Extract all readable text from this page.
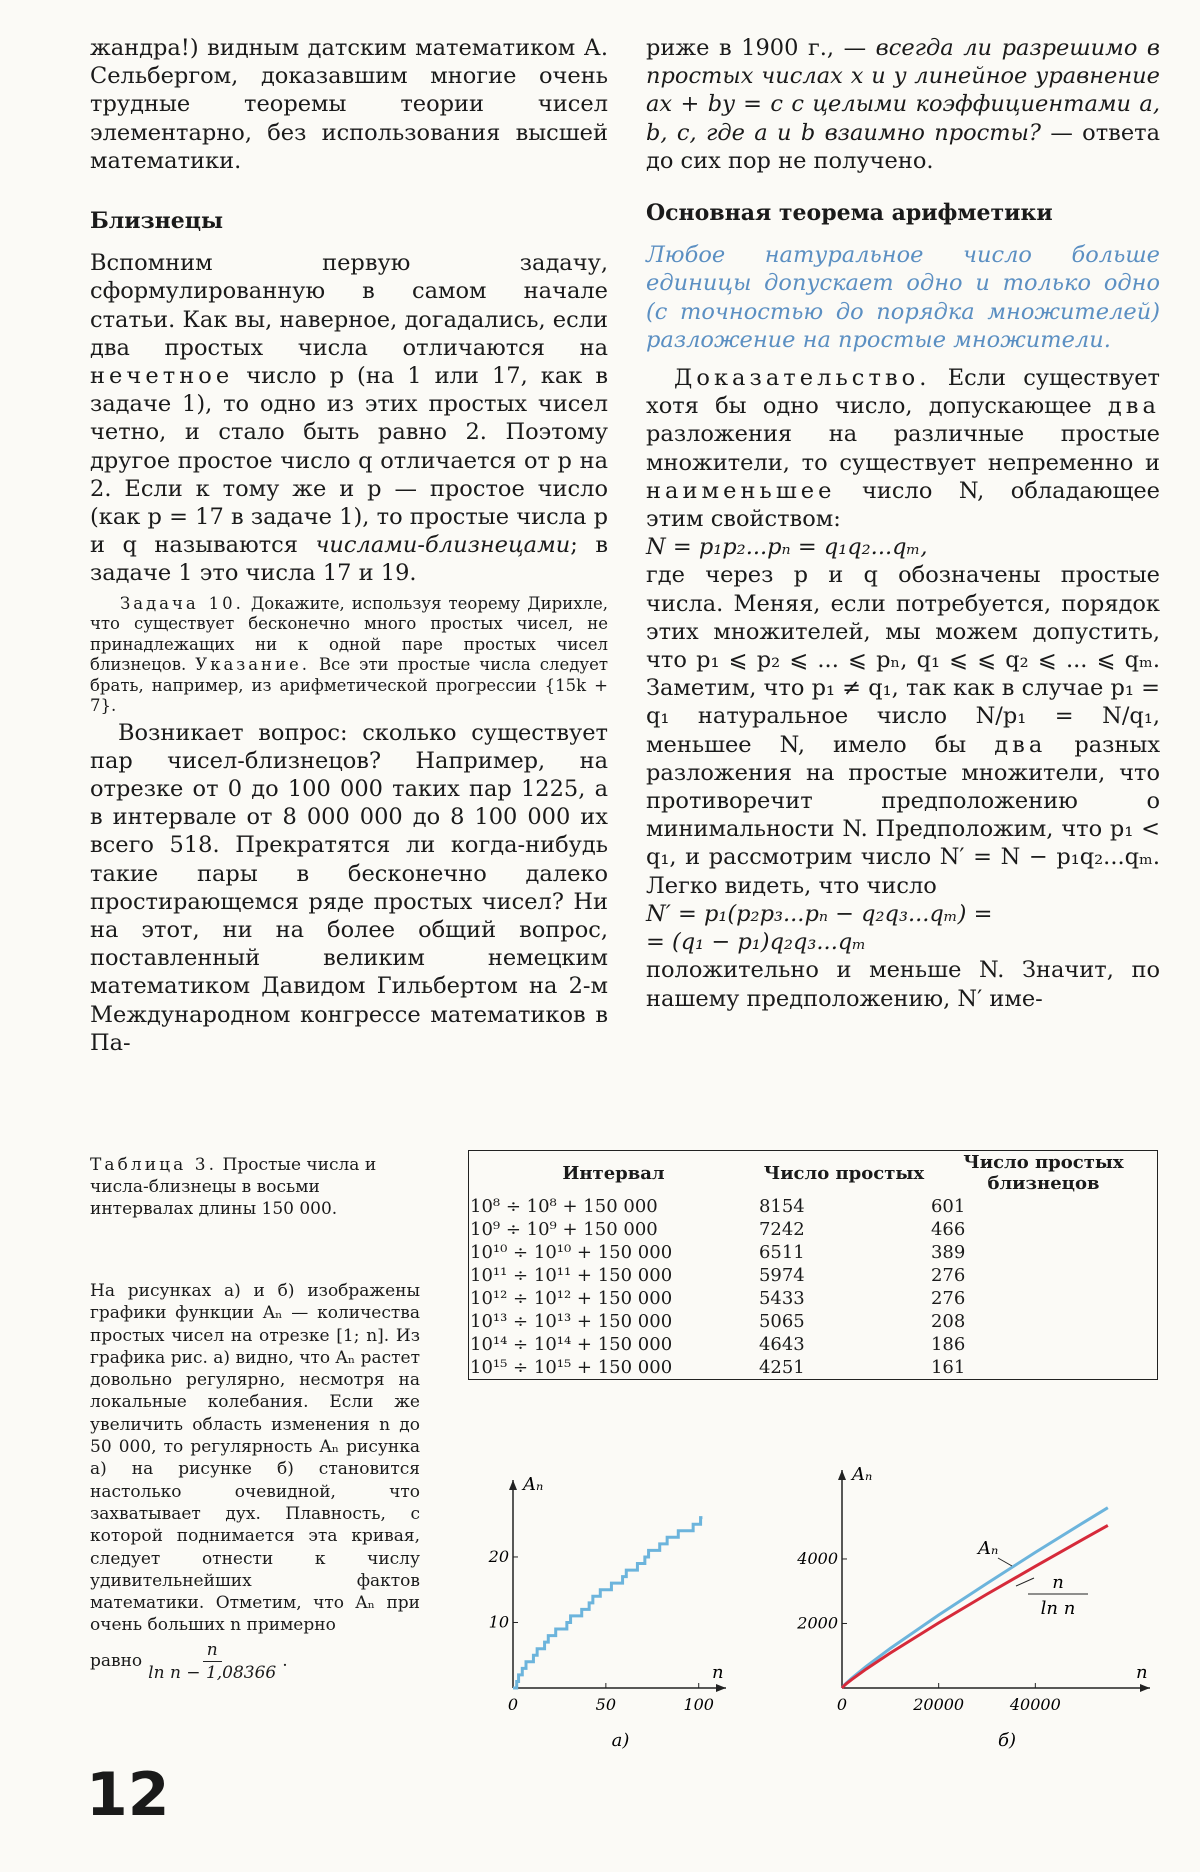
жандра!) видным датским математиком А. Сельбергом, доказавшим многие очень трудные теоремы теории чисел элементарно, без использования высшей математики.

Близнецы

Вспомним первую задачу, сформулированную в самом начале статьи. Как вы, наверное, догадались, если два простых числа отличаются на нечетное число p (на 1 или 17, как в задаче 1), то одно из этих простых чисел четно, и стало быть равно 2. Поэтому другое простое число q отличается от p на 2. Если к тому же и p — простое число (как p = 17 в задаче 1), то простые числа p и q называются числами-близнецами; в задаче 1 это числа 17 и 19.

Задача 10. Докажите, используя теорему Дирихле, что существует бесконечно много простых чисел, не принадлежащих ни к одной паре простых чисел близнецов. Указание. Все эти простые числа следует брать, например, из арифметической прогрессии {15k + 7}.

Возникает вопрос: сколько существует пар чисел-близнецов? Например, на отрезке от 0 до 100 000 таких пар 1225, а в интервале от 8 000 000 до 8 100 000 их всего 518. Прекратятся ли когда-нибудь такие пары в бесконечно далеко простирающемся ряде простых чисел? Ни на этот, ни на более общий вопрос, поставленный великим немецким математиком Давидом Гильбертом на 2-м Международном конгрессе математиков в Па-

риже в 1900 г., — всегда ли разрешимо в простых числах x и y линейное уравнение ax + by = c с целыми коэффициентами a, b, c, где a и b взаимно просты? — ответа до сих пор не получено.

Основная теорема арифметики

Любое натуральное число больше единицы допускает одно и только одно (с точностью до порядка множителей) разложение на простые множители.

Доказательство. Если существует хотя бы одно число, допускающее два разложения на различные простые множители, то существует непременно и наименьшее число N, обладающее этим свойством:

N = p₁p₂...pₙ = q₁q₂...qₘ,

где через p и q обозначены простые числа. Меняя, если потребуется, порядок этих множителей, мы можем допустить, что p₁ ⩽ p₂ ⩽ ... ⩽ pₙ, q₁ ⩽ ⩽ q₂ ⩽ ... ⩽ qₘ. Заметим, что p₁ ≠ q₁, так как в случае p₁ = q₁ натуральное число N/p₁ = N/q₁, меньшее N, имело бы два разных разложения на простые множители, что противоречит предположению о минимальности N. Предположим, что p₁ < q₁, и рассмотрим число N′ = N − p₁q₂...qₘ. Легко видеть, что число

N′ = p₁(p₂p₃...pₙ − q₂q₃...qₘ) =

= (q₁ − p₁)q₂q₃...qₘ

положительно и меньше N. Значит, по нашему предположению, N′ име-

Таблица 3. Простые числа и числа-близнецы в восьми интервалах длины 150 000.
Интервал	Число простых	Число простых близнецов
10⁸ ÷ 10⁸ + 150 000	8154	601
10⁹ ÷ 10⁹ + 150 000	7242	466
10¹⁰ ÷ 10¹⁰ + 150 000	6511	389
10¹¹ ÷ 10¹¹ + 150 000	5974	276
10¹² ÷ 10¹² + 150 000	5433	276
10¹³ ÷ 10¹³ + 150 000	5065	208
10¹⁴ ÷ 10¹⁴ + 150 000	4643	186
10¹⁵ ÷ 10¹⁵ + 150 000	4251	161
На рисунках а) и б) изображены графики функции Aₙ — количества простых чисел на отрезке [1; n]. Из графика рис. а) видно, что Aₙ растет довольно регулярно, несмотря на локальные колебания. Если же увеличить область изменения n до 50 000, то регулярность Aₙ рисунка а) на рисунке б) становится настолько очевидной, что захватывает дух. Плавность, с которой поднимается эта кривая, следует отнести к числу удивительнейших фактов математики. Отметим, что Aₙ при очень больших n примерно
равно
n
ln n − 1,08366
.
Aₙ
n
0	50	100
10
20
а)
Aₙ
n
0	20000	40000
2000
4000
б)
Aₙ
n
ln n
12
